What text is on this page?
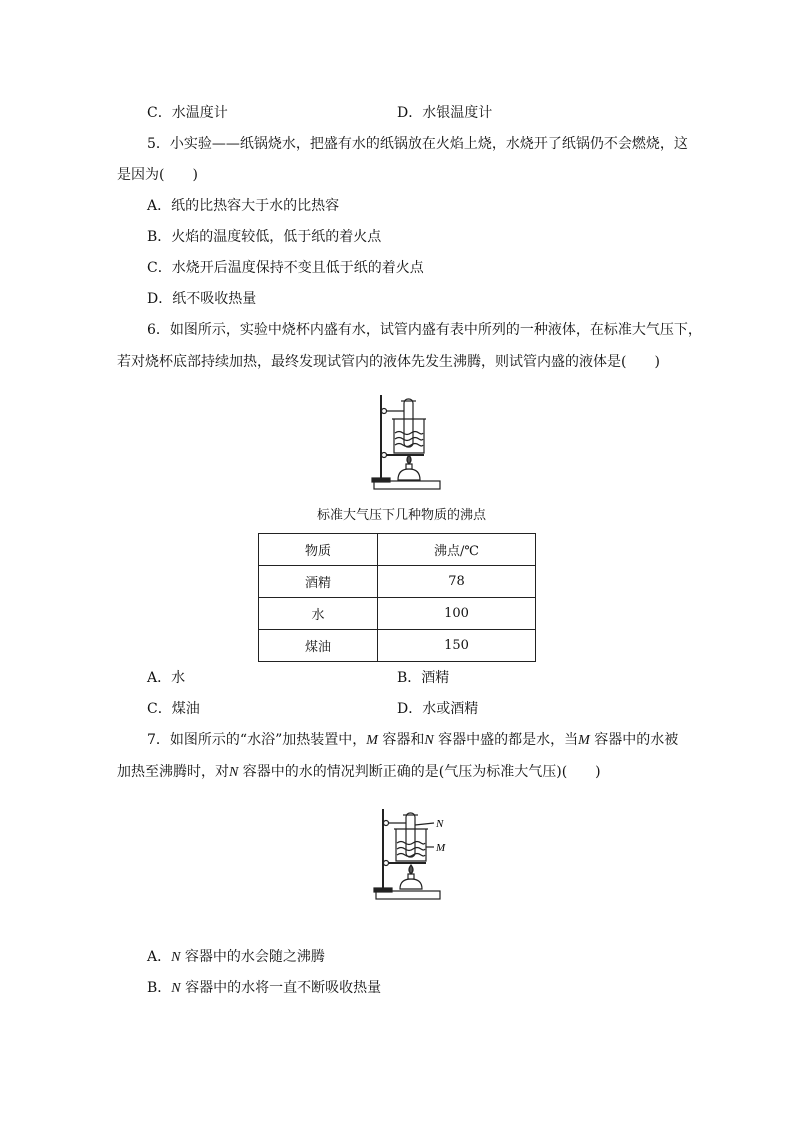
C．水温度计	D．水银温度计
5．小实验——纸锅烧水，把盛有水的纸锅放在火焰上烧，水烧开了纸锅仍不会燃烧，这
是因为(　　)
A．纸的比热容大于水的比热容
B．火焰的温度较低，低于纸的着火点
C．水烧开后温度保持不变且低于纸的着火点
D．纸不吸收热量
6．如图所示，实验中烧杯内盛有水，试管内盛有表中所列的一种液体，在标准大气压下，
若对烧杯底部持续加热，最终发现试管内的液体先发生沸腾，则试管内盛的液体是(　　)
标准大气压下几种物质的沸点
物质	沸点/℃
酒精	78
水	100
煤油	150
A．水	B．酒精
C．煤油	D．水或酒精
7．如图所示的“水浴”加热装置中，M 容器和N 容器中盛的都是水，当M 容器中的水被
加热至沸腾时，对N 容器中的水的情况判断正确的是(气压为标准大气压)(　　)
N
M
A．N 容器中的水会随之沸腾
B．N 容器中的水将一直不断吸收热量
